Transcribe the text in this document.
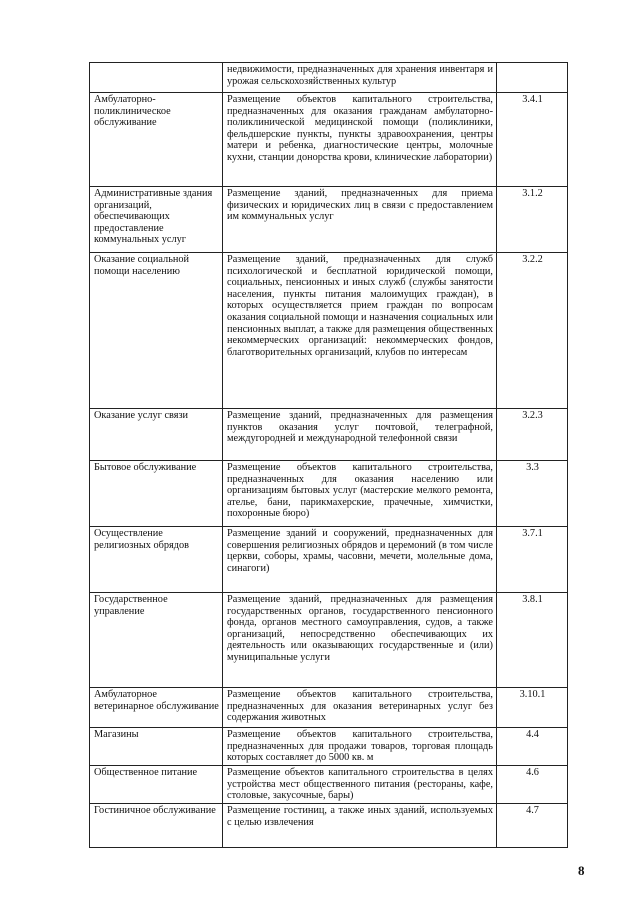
	недвижимости, предназначенных для хранения инвентаря и урожая сельскохозяйственных культур	

Амбулаторно-поликлиническое обслуживание	Размещение объектов капитального строительства, предназначенных для оказания гражданам амбулаторно-поликлинической медицинской помощи (поликлиники, фельдшерские пункты, пункты здравоохранения, центры матери и ребенка, диагностические центры, молочные кухни, станции донорства крови, клинические лаборатории)	3.4.1

Административные здания организаций, обеспечивающих предоставление коммунальных услуг	Размещение зданий, предназначенных для приема физических и юридических лиц в связи с предоставлением им коммунальных услуг	3.1.2

Оказание социальной помощи населению	Размещение зданий, предназначенных для служб психологической и бесплатной юридической помощи, социальных, пенсионных и иных служб (службы занятости населения, пункты питания малоимущих граждан), в которых осуществляется прием граждан по вопросам оказания социальной помощи и назначения социальных или пенсионных выплат, а также для размещения общественных некоммерческих организаций: некоммерческих фондов, благотворительных организаций, клубов по интересам	3.2.2

Оказание услуг связи	Размещение зданий, предназначенных для размещения пунктов оказания услуг почтовой, телеграфной, междугородней и международной телефонной связи	3.2.3

Бытовое обслуживание	Размещение объектов капитального строительства, предназначенных для оказания населению или организациям бытовых услуг (мастерские мелкого ремонта, ателье, бани, парикмахерские, прачечные, химчистки, похоронные бюро)	3.3

Осуществление религиозных обрядов	Размещение зданий и сооружений, предназначенных для совершения религиозных обрядов и церемоний (в том числе церкви, соборы, храмы, часовни, мечети, молельные дома, синагоги)	3.7.1

Государственное управление	Размещение зданий, предназначенных для размещения государственных органов, государственного пенсионного фонда, органов местного самоуправления, судов, а также организаций, непосредственно обеспечивающих их деятельность или оказывающих государственные и (или) муниципальные услуги	3.8.1

Амбулаторное ветеринарное обслуживание	Размещение объектов капитального строительства, предназначенных для оказания ветеринарных услуг без содержания животных	3.10.1

Магазины	Размещение объектов капитального строительства, предназначенных для продажи товаров, торговая площадь которых составляет до 5000 кв. м	4.4

Общественное питание	Размещение объектов капитального строительства в целях устройства мест общественного питания (рестораны, кафе, столовые, закусочные, бары)	4.6

Гостиничное обслуживание	Размещение гостиниц, а также иных зданий, используемых с целью извлечения	4.7
8
